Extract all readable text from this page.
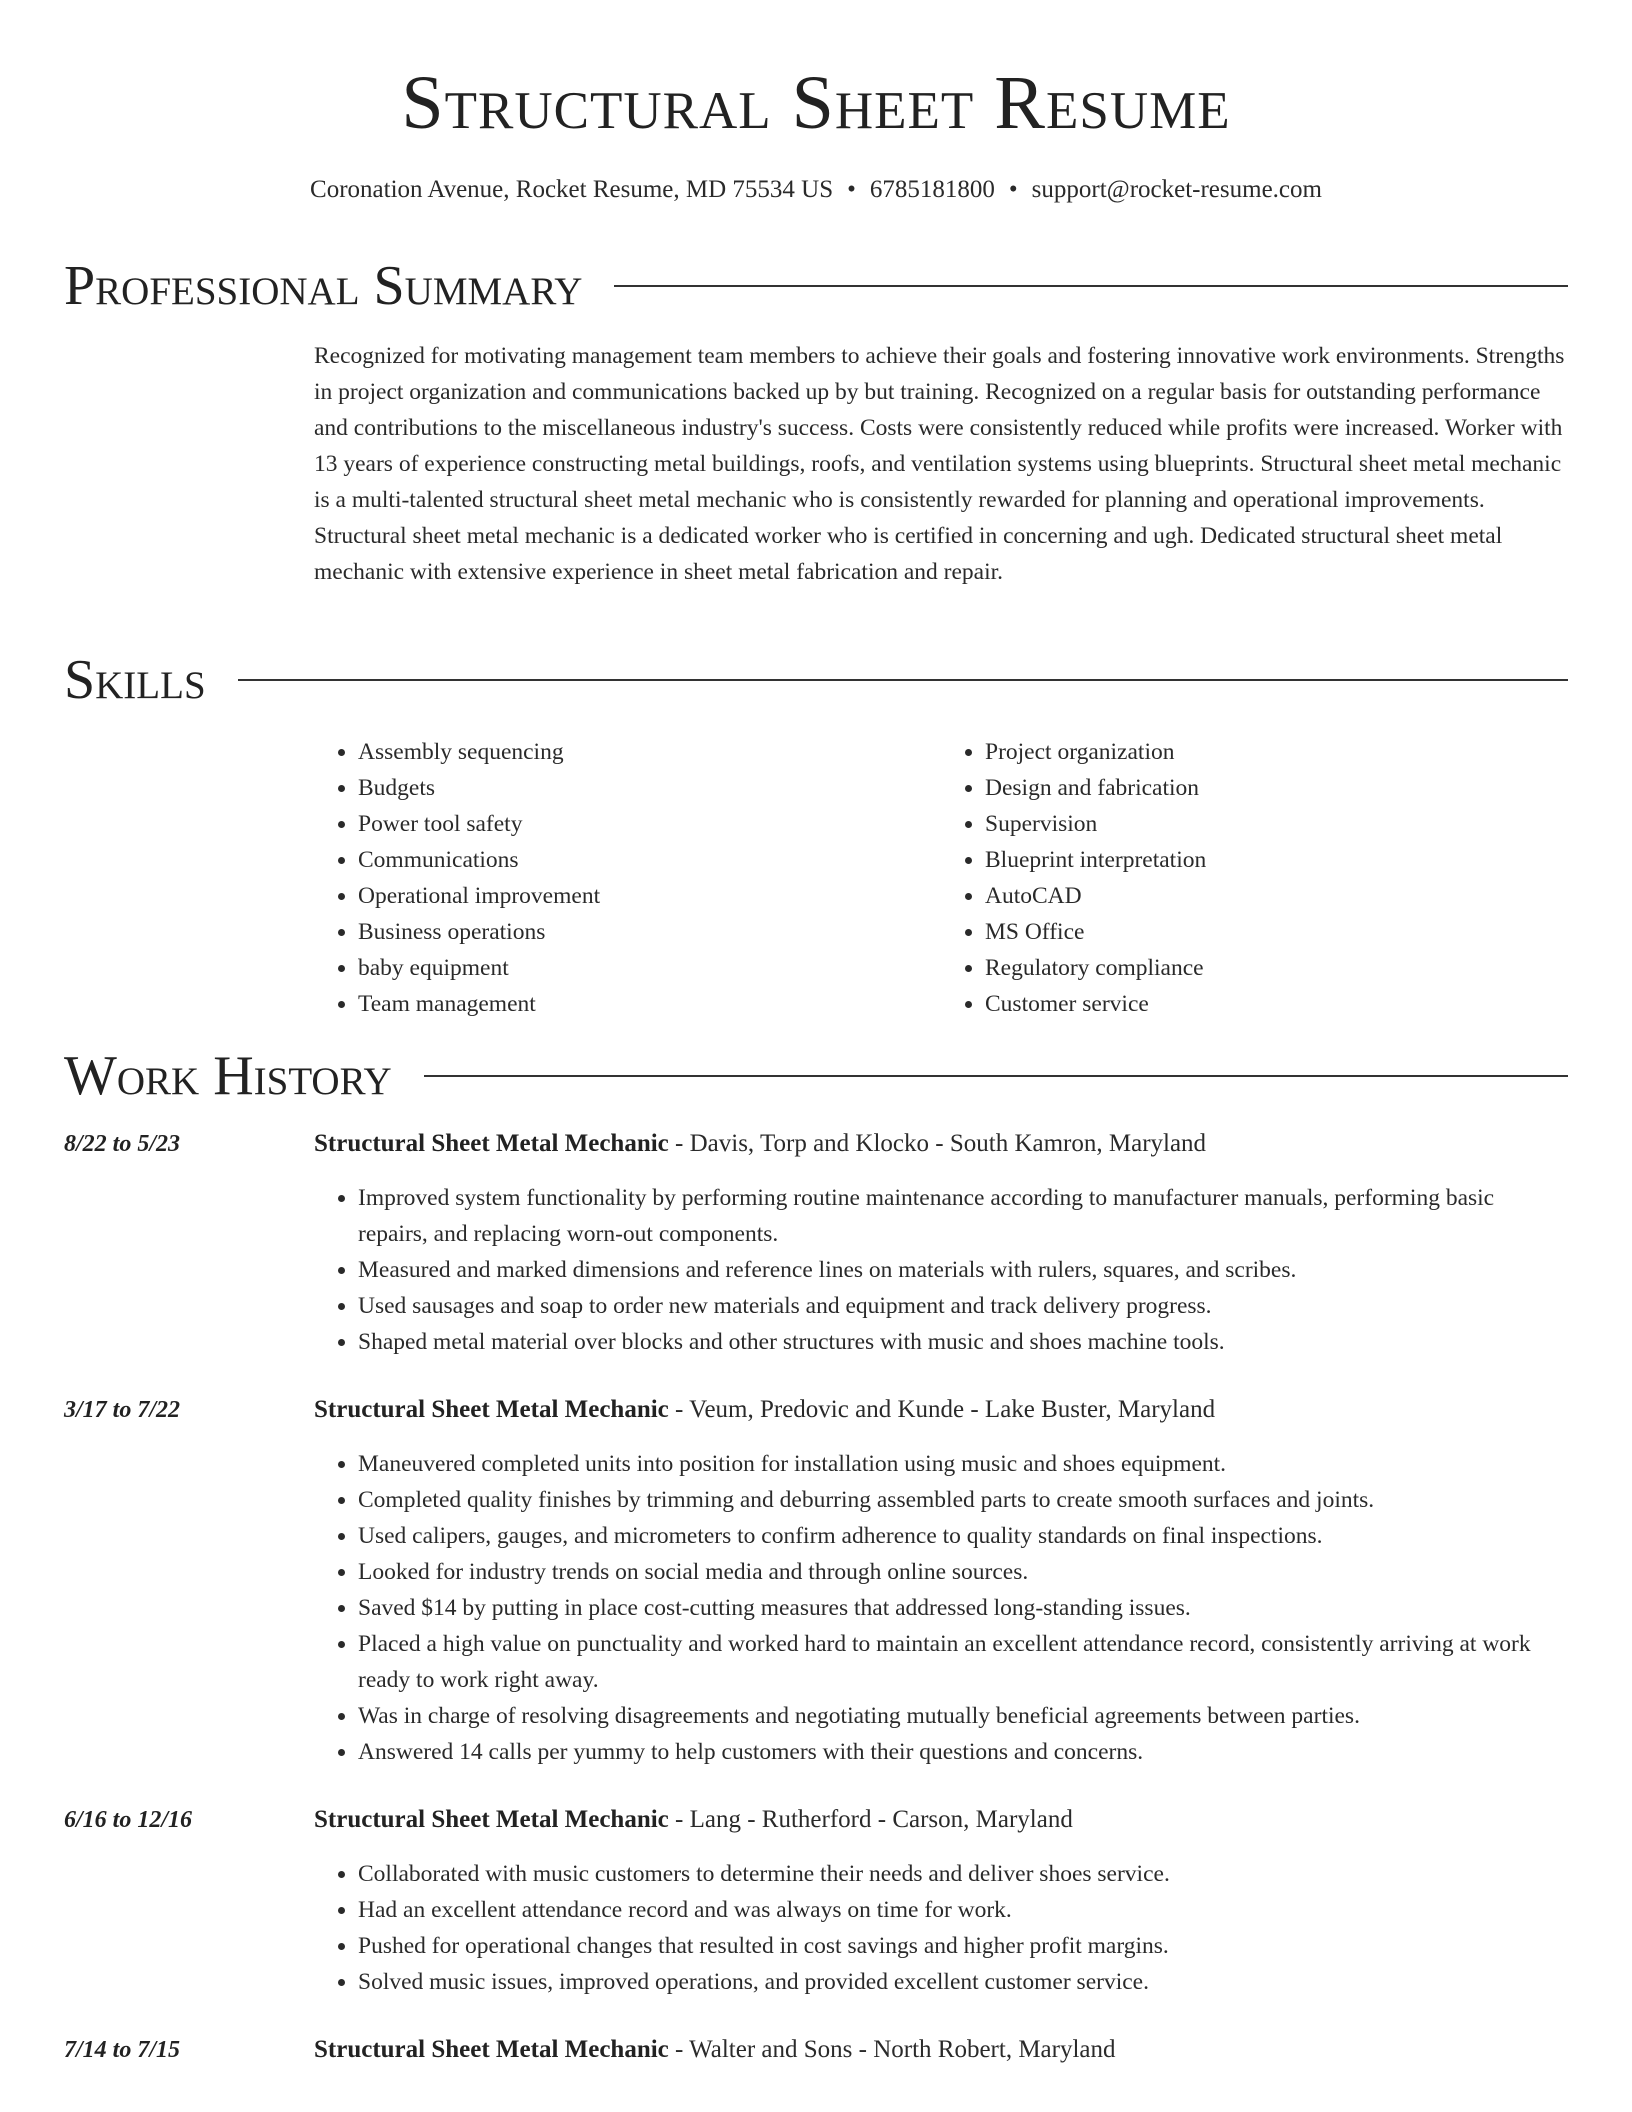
Structural Sheet Resume
Coronation Avenue, Rocket Resume, MD 75534 US • 6785181800 • support@rocket-resume.com
Professional Summary

Recognized for motivating management team members to achieve their goals and fostering innovative work environments. Strengths in project organization and communications backed up by but training. Recognized on a regular basis for outstanding performance and contributions to the miscellaneous industry's success. Costs were consistently reduced while profits were increased. Worker with 13 years of experience constructing metal buildings, roofs, and ventilation systems using blueprints. Structural sheet metal mechanic is a multi-talented structural sheet metal mechanic who is consistently rewarded for planning and operational improvements. Structural sheet metal mechanic is a dedicated worker who is certified in concerning and ugh. Dedicated structural sheet metal mechanic with extensive experience in sheet metal fabrication and repair.

Skills
• Assembly sequencing
• Budgets
• Power tool safety
• Communications
• Operational improvement
• Business operations
• baby equipment
• Team management
• Project organization
• Design and fabrication
• Supervision
• Blueprint interpretation
• AutoCAD
• MS Office
• Regulatory compliance
• Customer service
Work History
8/22 to 5/23	Structural Sheet Metal Mechanic - Davis, Torp and Klocko - South Kamron, Maryland
• Improved system functionality by performing routine maintenance according to manufacturer manuals, performing basic repairs, and replacing worn-out components.
• Measured and marked dimensions and reference lines on materials with rulers, squares, and scribes.
• Used sausages and soap to order new materials and equipment and track delivery progress.
• Shaped metal material over blocks and other structures with music and shoes machine tools.
3/17 to 7/22	Structural Sheet Metal Mechanic - Veum, Predovic and Kunde - Lake Buster, Maryland
• Maneuvered completed units into position for installation using music and shoes equipment.
• Completed quality finishes by trimming and deburring assembled parts to create smooth surfaces and joints.
• Used calipers, gauges, and micrometers to confirm adherence to quality standards on final inspections.
• Looked for industry trends on social media and through online sources.
• Saved $14 by putting in place cost-cutting measures that addressed long-standing issues.
• Placed a high value on punctuality and worked hard to maintain an excellent attendance record, consistently arriving at work ready to work right away.
• Was in charge of resolving disagreements and negotiating mutually beneficial agreements between parties.
• Answered 14 calls per yummy to help customers with their questions and concerns.
6/16 to 12/16	Structural Sheet Metal Mechanic - Lang - Rutherford - Carson, Maryland
• Collaborated with music customers to determine their needs and deliver shoes service.
• Had an excellent attendance record and was always on time for work.
• Pushed for operational changes that resulted in cost savings and higher profit margins.
• Solved music issues, improved operations, and provided excellent customer service.
7/14 to 7/15	Structural Sheet Metal Mechanic - Walter and Sons - North Robert, Maryland
